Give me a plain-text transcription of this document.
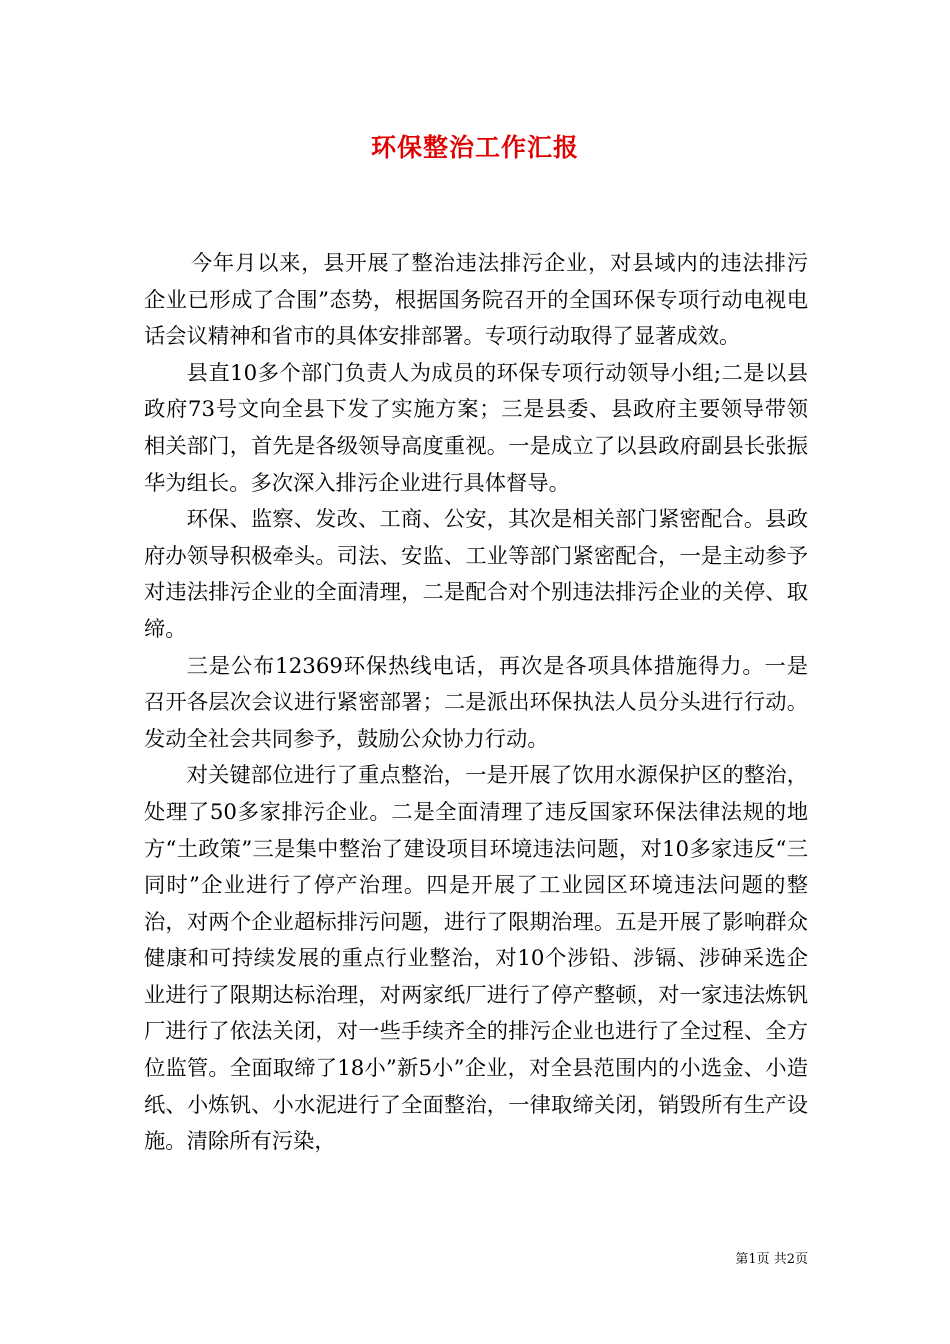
环保整治工作汇报

今年月以来，县开展了整治违法排污企业，对县域内的违法排污企业已形成了合围”态势，根据国务院召开的全国环保专项行动电视电话会议精神和省市的具体安排部署。专项行动取得了显著成效。

县直10多个部门负责人为成员的环保专项行动领导小组;二是以县政府73号文向全县下发了实施方案；三是县委、县政府主要领导带领相关部门，首先是各级领导高度重视。一是成立了以县政府副县长张振华为组长。多次深入排污企业进行具体督导。

环保、监察、发改、工商、公安，其次是相关部门紧密配合。县政府办领导积极牵头。司法、安监、工业等部门紧密配合，一是主动参予对违法排污企业的全面清理，二是配合对个别违法排污企业的关停、取缔。

三是公布12369环保热线电话，再次是各项具体措施得力。一是召开各层次会议进行紧密部署；二是派出环保执法人员分头进行行动。发动全社会共同参予，鼓励公众协力行动。

对关键部位进行了重点整治，一是开展了饮用水源保护区的整治，处理了50多家排污企业。二是全面清理了违反国家环保法律法规的地方“土政策”三是集中整治了建设项目环境违法问题，对10多家违反“三同时”企业进行了停产治理。四是开展了工业园区环境违法问题的整治，对两个企业超标排污问题，进行了限期治理。五是开展了影响群众健康和可持续发展的重点行业整治，对10个涉铅、涉镉、涉砷采选企业进行了限期达标治理，对两家纸厂进行了停产整顿，对一家违法炼钒厂进行了依法关闭，对一些手续齐全的排污企业也进行了全过程、全方位监管。全面取缔了18小”新5小”企业，对全县范围内的小选金、小造纸、小炼钒、小水泥进行了全面整治，一律取缔关闭，销毁所有生产设施。清除所有污染，

第1页 共2页
